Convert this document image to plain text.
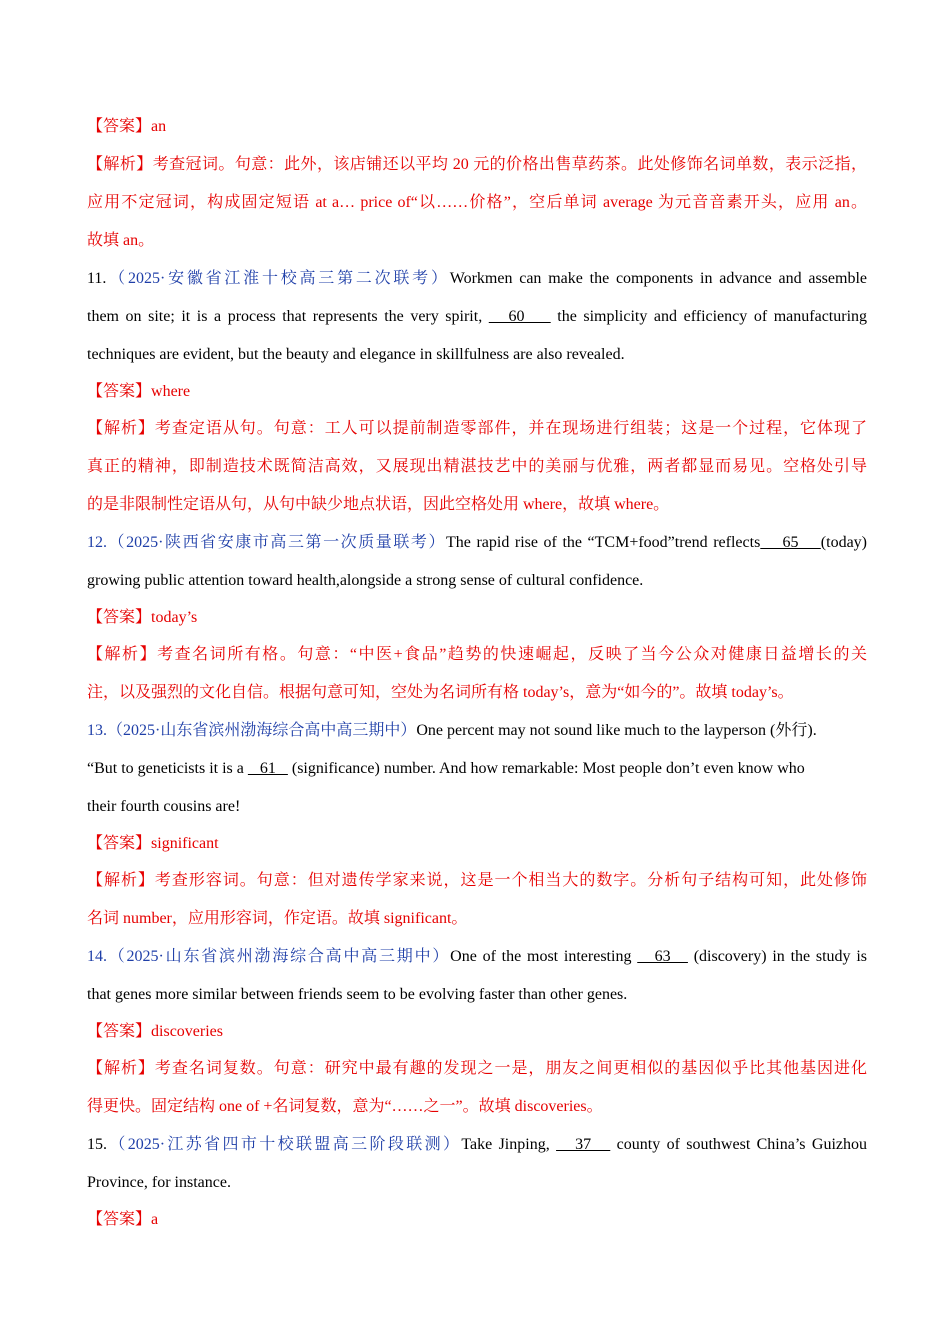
【答案】an
【解析】考查冠词。句意：此外，该店铺还以平均 20 元的价格出售草药茶。此处修饰名词单数，表示泛指，
应用不定冠词，构成固定短语 at a… price of“以……价格”，空后单词 average 为元音音素开头，应用 an。
故填 an。
11.（2025·安徽省江淮十校高三第二次联考）Workmen can make the components in advance and assemble
them on site; it is a process that represents the very spirit,    60     the simplicity and efficiency of manufacturing
techniques are evident, but the beauty and elegance in skillfulness are also revealed.
【答案】where
【解析】考查定语从句。句意：工人可以提前制造零部件，并在现场进行组装；这是一个过程，它体现了
真正的精神，即制造技术既简洁高效，又展现出精湛技艺中的美丽与优雅，两者都显而易见。空格处引导
的是非限制性定语从句，从句中缺少地点状语，因此空格处用 where，故填 where。
12.（2025·陕西省安康市高三第一次质量联考）The rapid rise of the “TCM+food”trend reflects    65    (today)
growing public attention toward health,alongside a strong sense of cultural confidence.
【答案】today’s
【解析】考查名词所有格。句意：“中医+食品”趋势的快速崛起，反映了当今公众对健康日益增长的关
注，以及强烈的文化自信。根据句意可知，空处为名词所有格 today’s，意为“如今的”。故填 today’s。
13.（2025·山东省滨州渤海综合高中高三期中）One percent may not sound like much to the layperson (外行).
“But to geneticists it is a    61    (significance) number. And how remarkable: Most people don’t even know who
their fourth cousins are!
【答案】significant
【解析】考查形容词。句意：但对遗传学家来说，这是一个相当大的数字。分析句子结构可知，此处修饰
名词 number，应用形容词，作定语。故填 significant。
14.（2025·山东省滨州渤海综合高中高三期中）One of the most interesting    63    (discovery) in the study is
that genes more similar between friends seem to be evolving faster than other genes.
【答案】discoveries
【解析】考查名词复数。句意：研究中最有趣的发现之一是，朋友之间更相似的基因似乎比其他基因进化
得更快。固定结构 one of +名词复数，意为“……之一”。故填 discoveries。
15.（2025·江苏省四市十校联盟高三阶段联测）Take Jinping,    37    county of southwest China’s Guizhou
Province, for instance.
【答案】a
